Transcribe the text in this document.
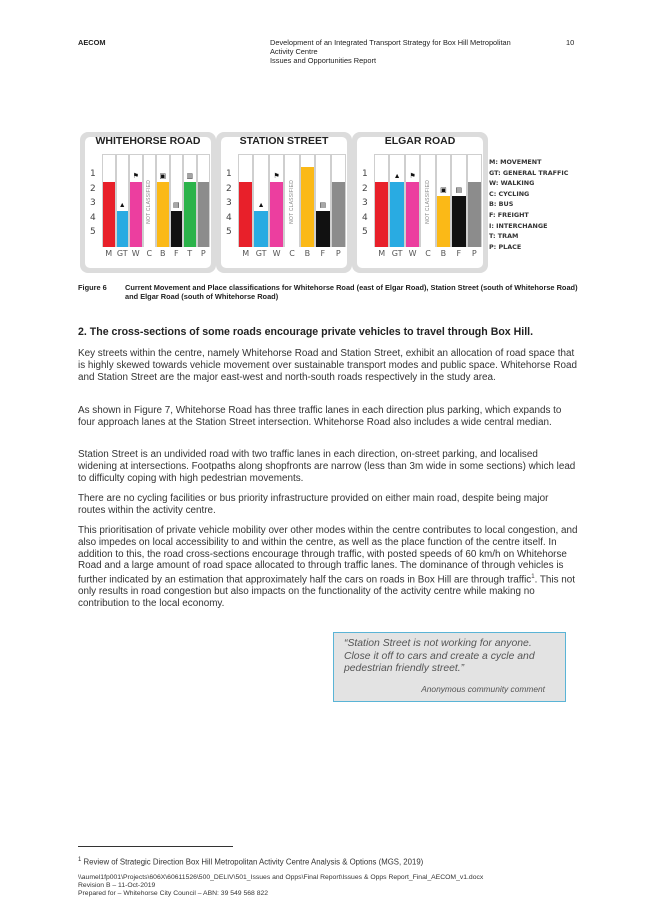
AECOM	Development of an Integrated Transport Strategy for Box Hill Metropolitan
Activity Centre
Issues and Opportunities Report
10
WHITEHORSE ROAD
1
2
3
4
5
M
▲
GT
⚑
W
NOT CLASSIFIED
C
▣
B
▤
F
▥
T	P
STATION STREET
1
2
3
4
5
M
▲
GT
⚑
W
NOT CLASSIFIED
C	B
▤
F	P
ELGAR ROAD
1
2
3
4
5
M
▲
GT
⚑
W
NOT CLASSIFIED
C
▣
B
▤
F	P
M: MOVEMENT
GT: GENERAL TRAFFIC
W: WALKING
C: CYCLING
B: BUS
F: FREIGHT
I: INTERCHANGE
T: TRAM
P: PLACE
Figure 6	Current Movement and Place classifications for Whitehorse Road (east of Elgar Road), Station Street (south of Whitehorse Road) and Elgar Road (south of Whitehorse Road)
2. The cross-sections of some roads encourage private vehicles to travel through Box Hill.
Key streets within the centre, namely Whitehorse Road and Station Street, exhibit an allocation of road space that is highly skewed towards vehicle movement over sustainable transport modes and public space. Whitehorse Road and Station Street are the major east-west and north-south roads respectively in the study area.
As shown in Figure 7, Whitehorse Road has three traffic lanes in each direction plus parking, which expands to four approach lanes at the Station Street intersection. Whitehorse Road also includes a wide central median.
Station Street is an undivided road with two traffic lanes in each direction, on-street parking, and localised widening at intersections. Footpaths along shopfronts are narrow (less than 3m wide in some sections) which lead to difficulty coping with high pedestrian movements.
There are no cycling facilities or bus priority infrastructure provided on either main road, despite being major routes within the activity centre.
This prioritisation of private vehicle mobility over other modes within the centre contributes to local congestion, and also impedes on local accessibility to and within the centre, as well as the place function of the centre itself. In addition to this, the road cross-sections encourage through traffic, with posted speeds of 60 km/h on Whitehorse Road and a large amount of road space allocated to through traffic lanes. The dominance of through vehicles is further indicated by an estimation that approximately half the cars on roads in Box Hill are through traffic$^1$. This not only results in road congestion but also impacts on the functionality of the activity centre while making no contribution to the local economy.
“Station Street is not working for anyone. Close it off to cars and create a cycle and pedestrian friendly street.”
Anonymous community comment
$^1$ Review of Strategic Direction Box Hill Metropolitan Activity Centre Analysis & Options (MGS, 2019)
\\aumel1fp001\Projects\606X\60611526\500_DELIV\501_Issues and Opps\Final Report\Issues & Opps Report_Final_AECOM_v1.docx
Revision B – 11-Oct-2019
Prepared for – Whitehorse City Council – ABN: 39 549 568 822
